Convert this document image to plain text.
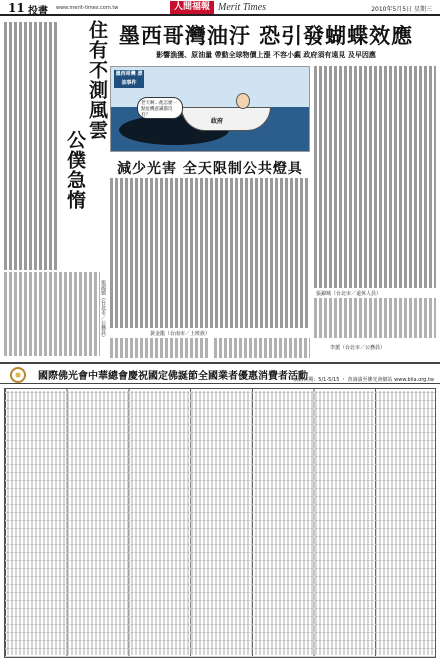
11 投書 www.merit-times.com.tw	人間福報 Merit Times	2010年5月5日 星期三
住有不測風雲
公僕急惰
張鴻德（台北市／公務員）
墨西哥灣油汙 恐引發蝴蝶效應
影響漁獲、原油量 帶動全球物價上漲 不容小覷 政府須有遠見 及早因應
政府
墨西哥灣 漂油事件
老天啊…他怎麼一點危機意識都沒有？
張錦城（台北市／退休人員）
減少光害 全天限制公共燈具
黃金龍（台南市／上班族）
李蕙（台北市／公務員）
國際佛光會中華總會慶祝國定佛誕節全國業者優惠消費者活動
活動日期：5/1-5/15 ・ 查詢請至佛光會網站 www.blia.org.tw
